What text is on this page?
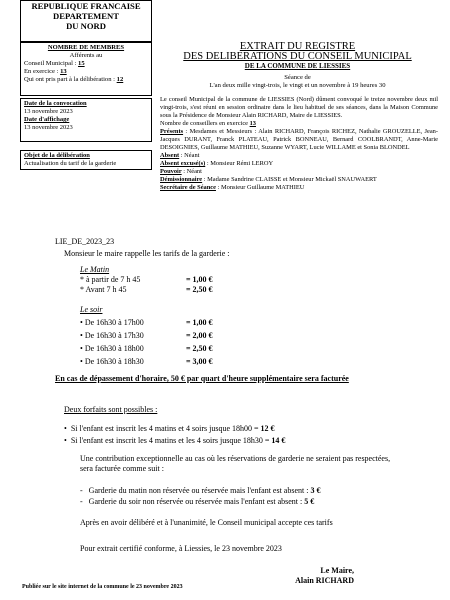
REPUBLIQUE FRANCAISE
DEPARTEMENT
DU NORD
NOMBRE DE MEMBRES
Afférents au
Conseil Municipal : 15
En exercice : 13
Qui ont pris part à la délibération : 12
Date de la convocation
13 novembre 2023
Date d'affichage
13 novembre 2023
Objet de la délibération
Actualisation du tarif de la garderie
EXTRAIT DU REGISTRE
DES DELIBERATIONS DU CONSEIL MUNICIPAL
DE LA COMMUNE DE LIESSIES
Séance de
L'an deux mille vingt-trois, le vingt et un novembre à 19 heures 30
Le conseil Municipal de la commune de LIESSIES (Nord) dûment convoqué le treize novembre deux mil vingt-trois, s'est réuni en session ordinaire dans le lieu habituel de ses séances, dans la Maison Commune sous la Présidence de Monsieur Alain RICHARD, Maire de LIESSIES.
Nombre de conseillers en exercice 13
Présents : Mesdames et Messieurs : Alain RICHARD, François RICHEZ, Nathalie GROUZELLE, Jean-Jacques DURANT, Franck PLATEAU, Patrick BONNEAU, Bernard COOLBRANDT, Anne-Marie DESOIGNIES, Guillaume MATHIEU, Suzanne WYART, Lucie WILLAME et Sonia BLONDEL
Absent : Néant
Absent excusé(s) : Monsieur Rémi LEROY
Pouvoir : Néant
Démissionnaire : Madame Sandrine CLAISSE et Monsieur Mickaël SNAUWAERT
Secrétaire de Séance : Monsieur Guillaume MATHIEU
LIE_DE_2023_23
Monsieur le maire rappelle les tarifs de la garderie :
Le Matin
* à partir de 7 h 45	= 1,00 €
* Avant 7 h 45	= 2,50 €
Le soir
• De 16h30 à 17h00	= 1,00 €
• De 16h30 à 17h30	= 2,00 €
• De 16h30 à 18h00	= 2,50 €
• De 16h30 à 18h30	= 3,00 €
En cas de dépassement d'horaire, 50 € par quart d'heure supplémentaire sera facturée
Deux forfaits sont possibles :
•  Si l'enfant est inscrit les 4 matins et 4 soirs jusque 18h00 = 12 €
•  Si l'enfant est inscrit les 4 matins et les 4 soirs jusque 18h30 = 14 €
Une contribution exceptionnelle au cas où les réservations de garderie ne seraient pas respectées, sera facturée comme suit :
-   Garderie du matin non réservée ou réservée mais l'enfant est absent : 3 €
-   Garderie du soir non réservée ou réservée mais l'enfant est absent : 5 €
Après en avoir délibéré et à l'unanimité, le Conseil municipal accepte ces tarifs
Pour extrait certifié conforme, à Liessies, le 23 novembre 2023
Le Maire,
Alain RICHARD
Publiée sur le site internet de la commune le 23 novembre 2023
